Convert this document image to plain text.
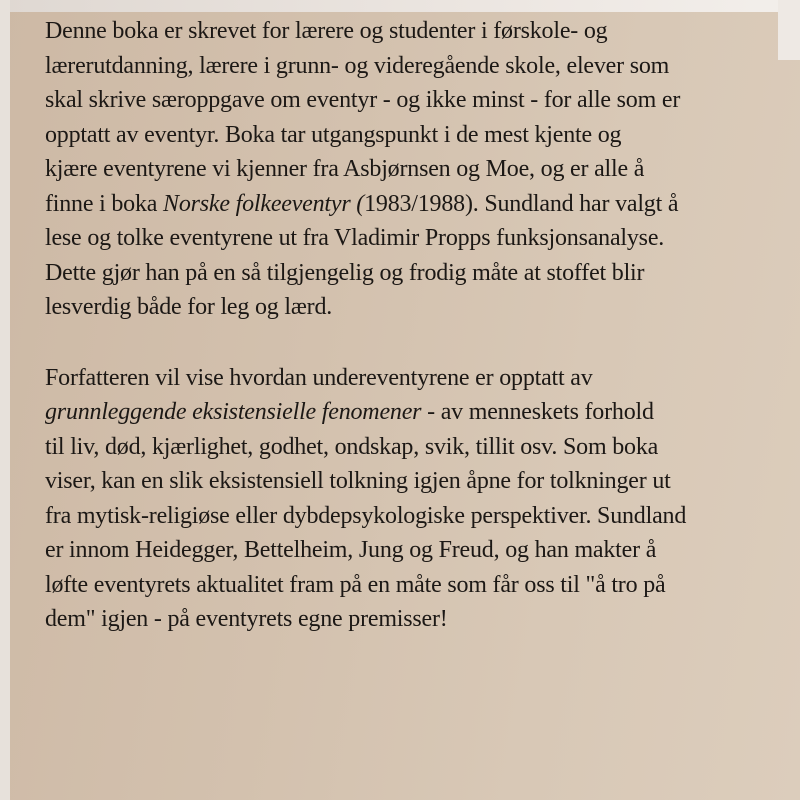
Denne boka er skrevet for lærere og studenter i førskole- og
lærerutdanning, lærere i grunn- og videregående skole, elever som
skal skrive særoppgave om eventyr - og ikke minst - for alle som er
opptatt av eventyr. Boka tar utgangspunkt i de mest kjente og
kjære eventyrene vi kjenner fra Asbjørnsen og Moe, og er alle å
finne i boka Norske folkeeventyr (1983/1988). Sundland har valgt å
lese og tolke eventyrene ut fra Vladimir Propps funksjonsanalyse.
Dette gjør han på en så tilgjengelig og frodig måte at stoffet blir
lesverdig både for leg og lærd.

Forfatteren vil vise hvordan undereventyrene er opptatt av
grunnleggende eksistensielle fenomener - av menneskets forhold
til liv, død, kjærlighet, godhet, ondskap, svik, tillit osv. Som boka
viser, kan en slik eksistensiell tolkning igjen åpne for tolkninger ut
fra mytisk-religiøse eller dybdepsykologiske perspektiver. Sundland
er innom Heidegger, Bettelheim, Jung og Freud, og han makter å
løfte eventyrets aktualitet fram på en måte som får oss til "å tro på
dem" igjen - på eventyrets egne premisser!
